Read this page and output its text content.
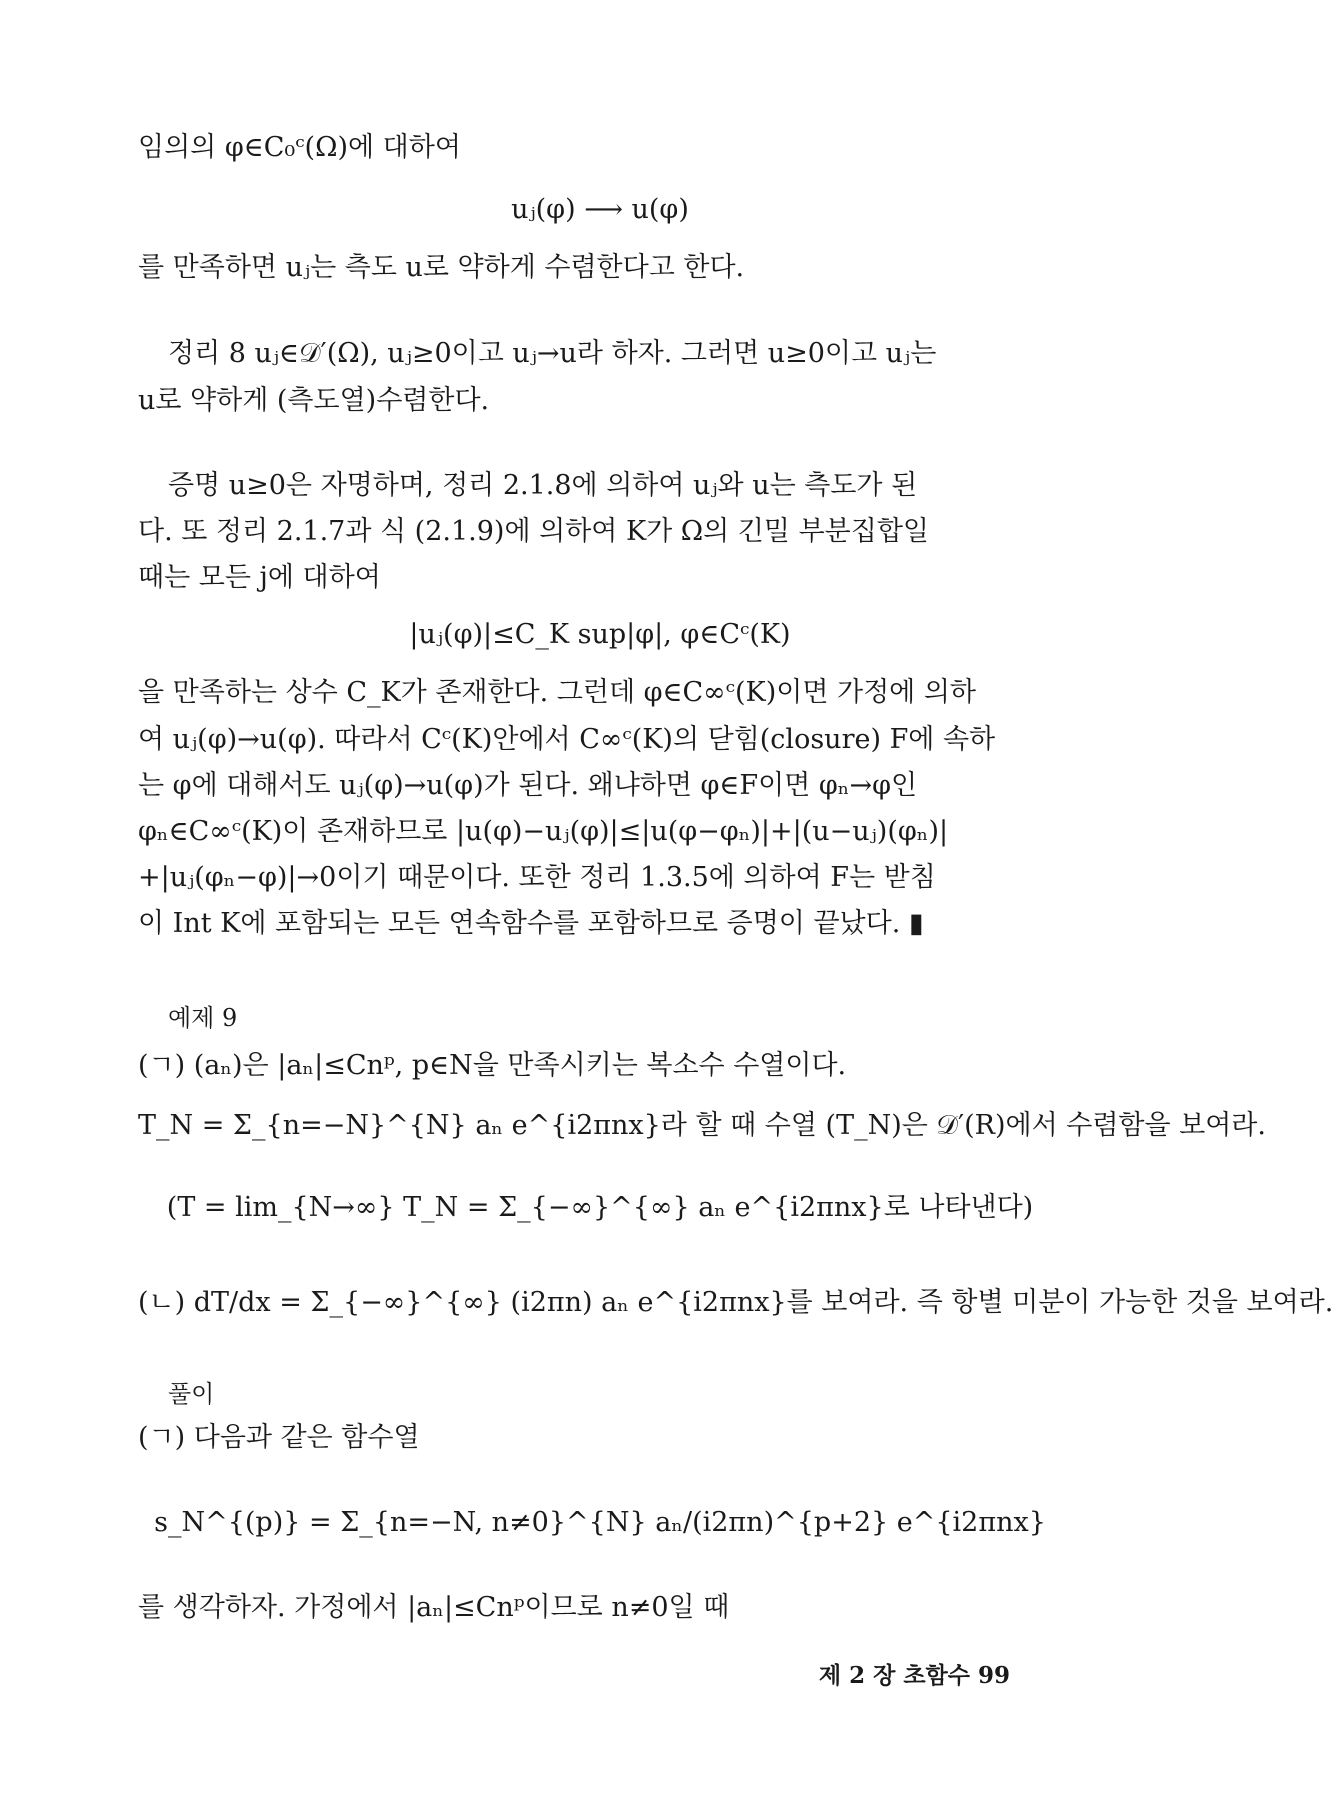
임의의 φ∈C₀ᶜ(Ω)에 대하여
uⱼ(φ) ⟶ u(φ)
를 만족하면 uⱼ는 측도 u로 약하게 수렴한다고 한다.
정리 8 uⱼ∈𝒟′(Ω), uⱼ≥0이고 uⱼ→u라 하자. 그러면 u≥0이고 uⱼ는
u로 약하게 (측도열)수렴한다.
증명 u≥0은 자명하며, 정리 2.1.8에 의하여 uⱼ와 u는 측도가 된
다. 또 정리 2.1.7과 식 (2.1.9)에 의하여 K가 Ω의 긴밀 부분집합일
때는 모든 j에 대하여
|uⱼ(φ)|≤C_K sup|φ|, φ∈Cᶜ(K)
을 만족하는 상수 C_K가 존재한다. 그런데 φ∈C∞ᶜ(K)이면 가정에 의하
여 uⱼ(φ)→u(φ). 따라서 Cᶜ(K)안에서 C∞ᶜ(K)의 닫힘(closure) F에 속하
는 φ에 대해서도 uⱼ(φ)→u(φ)가 된다. 왜냐하면 φ∈F이면 φₙ→φ인
φₙ∈C∞ᶜ(K)이 존재하므로 |u(φ)−uⱼ(φ)|≤|u(φ−φₙ)|+|(u−uⱼ)(φₙ)|
+|uⱼ(φₙ−φ)|→0이기 때문이다. 또한 정리 1.3.5에 의하여 F는 받침
이 Int K에 포함되는 모든 연속함수를 포함하므로 증명이 끝났다. ▮
예제 9
(ㄱ) (aₙ)은 |aₙ|≤Cnᵖ, p∈N을 만족시키는 복소수 수열이다.
T_N = Σ_{n=−N}^{N} aₙ e^{i2πnx}라 할 때 수열 (T_N)은 𝒟′(R)에서 수렴함을 보여라.
(T = lim_{N→∞} T_N = Σ_{−∞}^{∞} aₙ e^{i2πnx}로 나타낸다)
(ㄴ) dT/dx = Σ_{−∞}^{∞} (i2πn) aₙ e^{i2πnx}를 보여라. 즉 항별 미분이 가능한 것을 보여라.
풀이
(ㄱ) 다음과 같은 함수열
s_N^{(p)} = Σ_{n=−N, n≠0}^{N} aₙ/(i2πn)^{p+2} e^{i2πnx}
를 생각하자. 가정에서 |aₙ|≤Cnᵖ이므로 n≠0일 때
제 2 장 초함수 99
